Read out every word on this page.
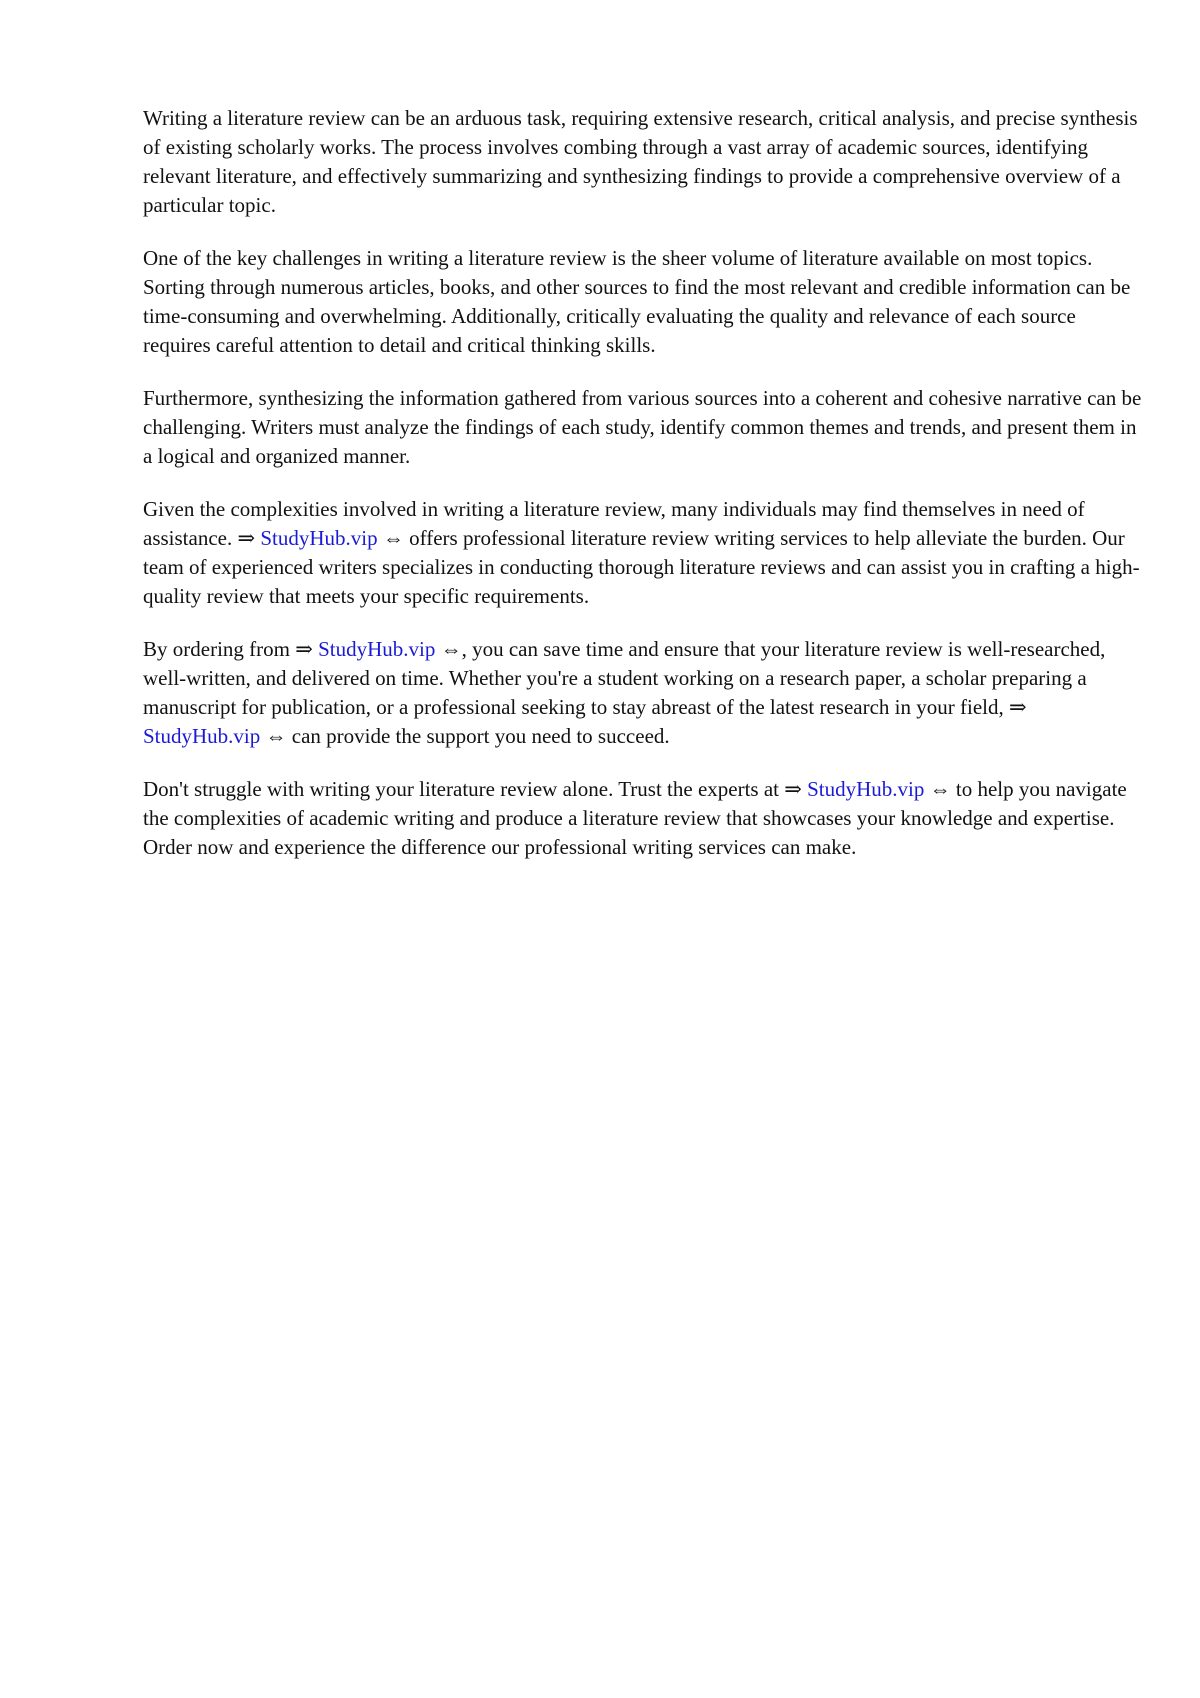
Writing a literature review can be an arduous task, requiring extensive research, critical analysis, and precise synthesis of existing scholarly works. The process involves combing through a vast array of academic sources, identifying relevant literature, and effectively summarizing and synthesizing findings to provide a comprehensive overview of a particular topic.

One of the key challenges in writing a literature review is the sheer volume of literature available on most topics. Sorting through numerous articles, books, and other sources to find the most relevant and credible information can be time-consuming and overwhelming. Additionally, critically evaluating the quality and relevance of each source requires careful attention to detail and critical thinking skills.

Furthermore, synthesizing the information gathered from various sources into a coherent and cohesive narrative can be challenging. Writers must analyze the findings of each study, identify common themes and trends, and present them in a logical and organized manner.

Given the complexities involved in writing a literature review, many individuals may find themselves in need of assistance. ⇒ StudyHub.vip ⇔ offers professional literature review writing services to help alleviate the burden. Our team of experienced writers specializes in conducting thorough literature reviews and can assist you in crafting a high-quality review that meets your specific requirements.

By ordering from ⇒ StudyHub.vip ⇔, you can save time and ensure that your literature review is well-researched, well-written, and delivered on time. Whether you're a student working on a research paper, a scholar preparing a manuscript for publication, or a professional seeking to stay abreast of the latest research in your field, ⇒ StudyHub.vip ⇔ can provide the support you need to succeed.

Don't struggle with writing your literature review alone. Trust the experts at ⇒ StudyHub.vip ⇔ to help you navigate the complexities of academic writing and produce a literature review that showcases your knowledge and expertise. Order now and experience the difference our professional writing services can make.
